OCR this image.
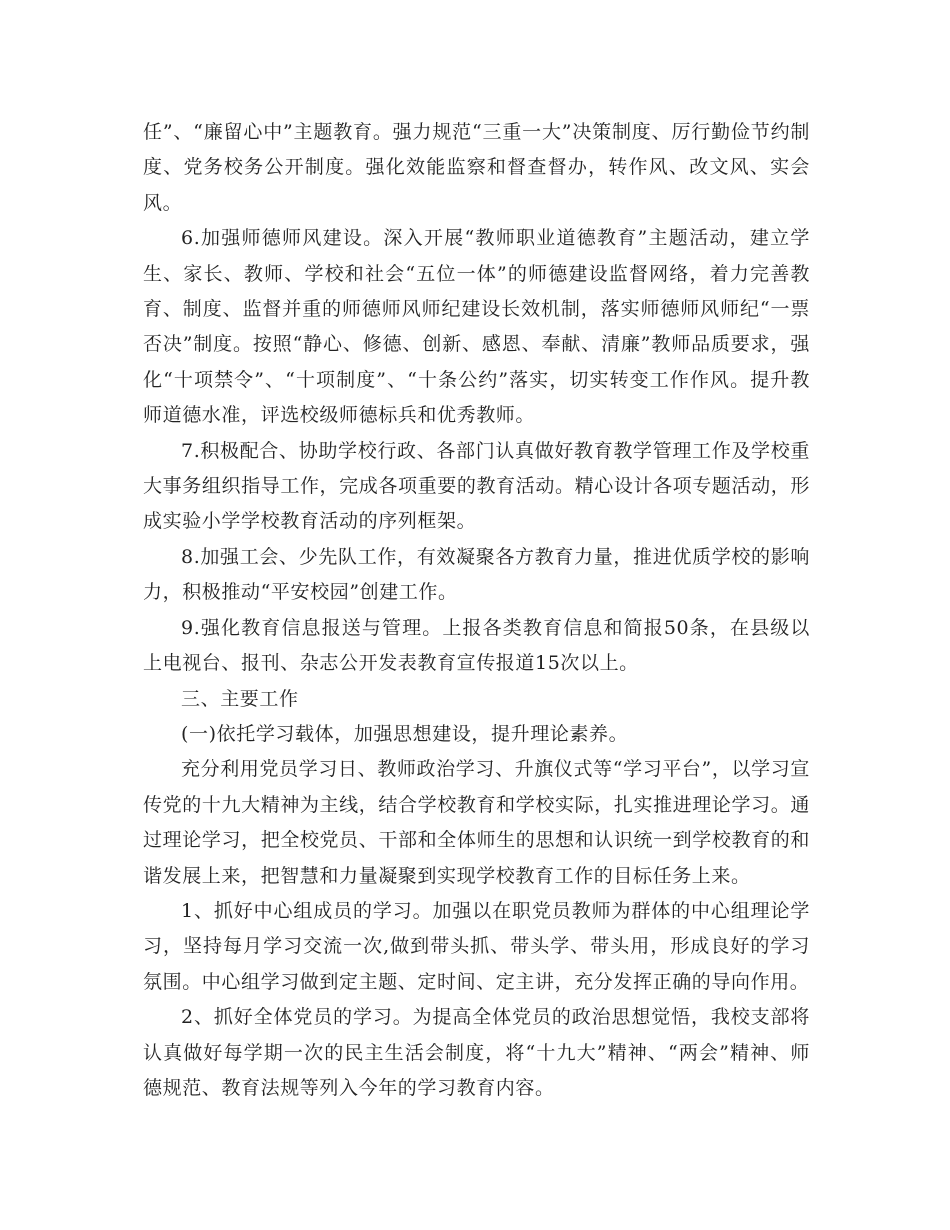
任”、“廉留心中”主题教育。强力规范“三重一大”决策制度、厉行勤俭节约制度、党务校务公开制度。强化效能监察和督查督办，转作风、改文风、实会风。

6.加强师德师风建设。深入开展“教师职业道德教育”主题活动，建立学生、家长、教师、学校和社会“五位一体”的师德建设监督网络，着力完善教育、制度、监督并重的师德师风师纪建设长效机制，落实师德师风师纪“一票否决”制度。按照“静心、修德、创新、感恩、奉献、清廉”教师品质要求，强化“十项禁令”、“十项制度”、“十条公约”落实，切实转变工作作风。提升教师道德水准，评选校级师德标兵和优秀教师。

7.积极配合、协助学校行政、各部门认真做好教育教学管理工作及学校重大事务组织指导工作，完成各项重要的教育活动。精心设计各项专题活动，形成实验小学学校教育活动的序列框架。

8.加强工会、少先队工作，有效凝聚各方教育力量，推进优质学校的影响力，积极推动“平安校园”创建工作。

9.强化教育信息报送与管理。上报各类教育信息和简报50条，在县级以上电视台、报刊、杂志公开发表教育宣传报道15次以上。

三、主要工作

(一)依托学习载体，加强思想建设，提升理论素养。

充分利用党员学习日、教师政治学习、升旗仪式等“学习平台”，以学习宣传党的十九大精神为主线，结合学校教育和学校实际，扎实推进理论学习。通过理论学习，把全校党员、干部和全体师生的思想和认识统一到学校教育的和谐发展上来，把智慧和力量凝聚到实现学校教育工作的目标任务上来。

1、抓好中心组成员的学习。加强以在职党员教师为群体的中心组理论学习，坚持每月学习交流一次,做到带头抓、带头学、带头用，形成良好的学习氛围。中心组学习做到定主题、定时间、定主讲，充分发挥正确的导向作用。

2、抓好全体党员的学习。为提高全体党员的政治思想觉悟，我校支部将认真做好每学期一次的民主生活会制度，将“十九大”精神、“两会”精神、师德规范、教育法规等列入今年的学习教育内容。
